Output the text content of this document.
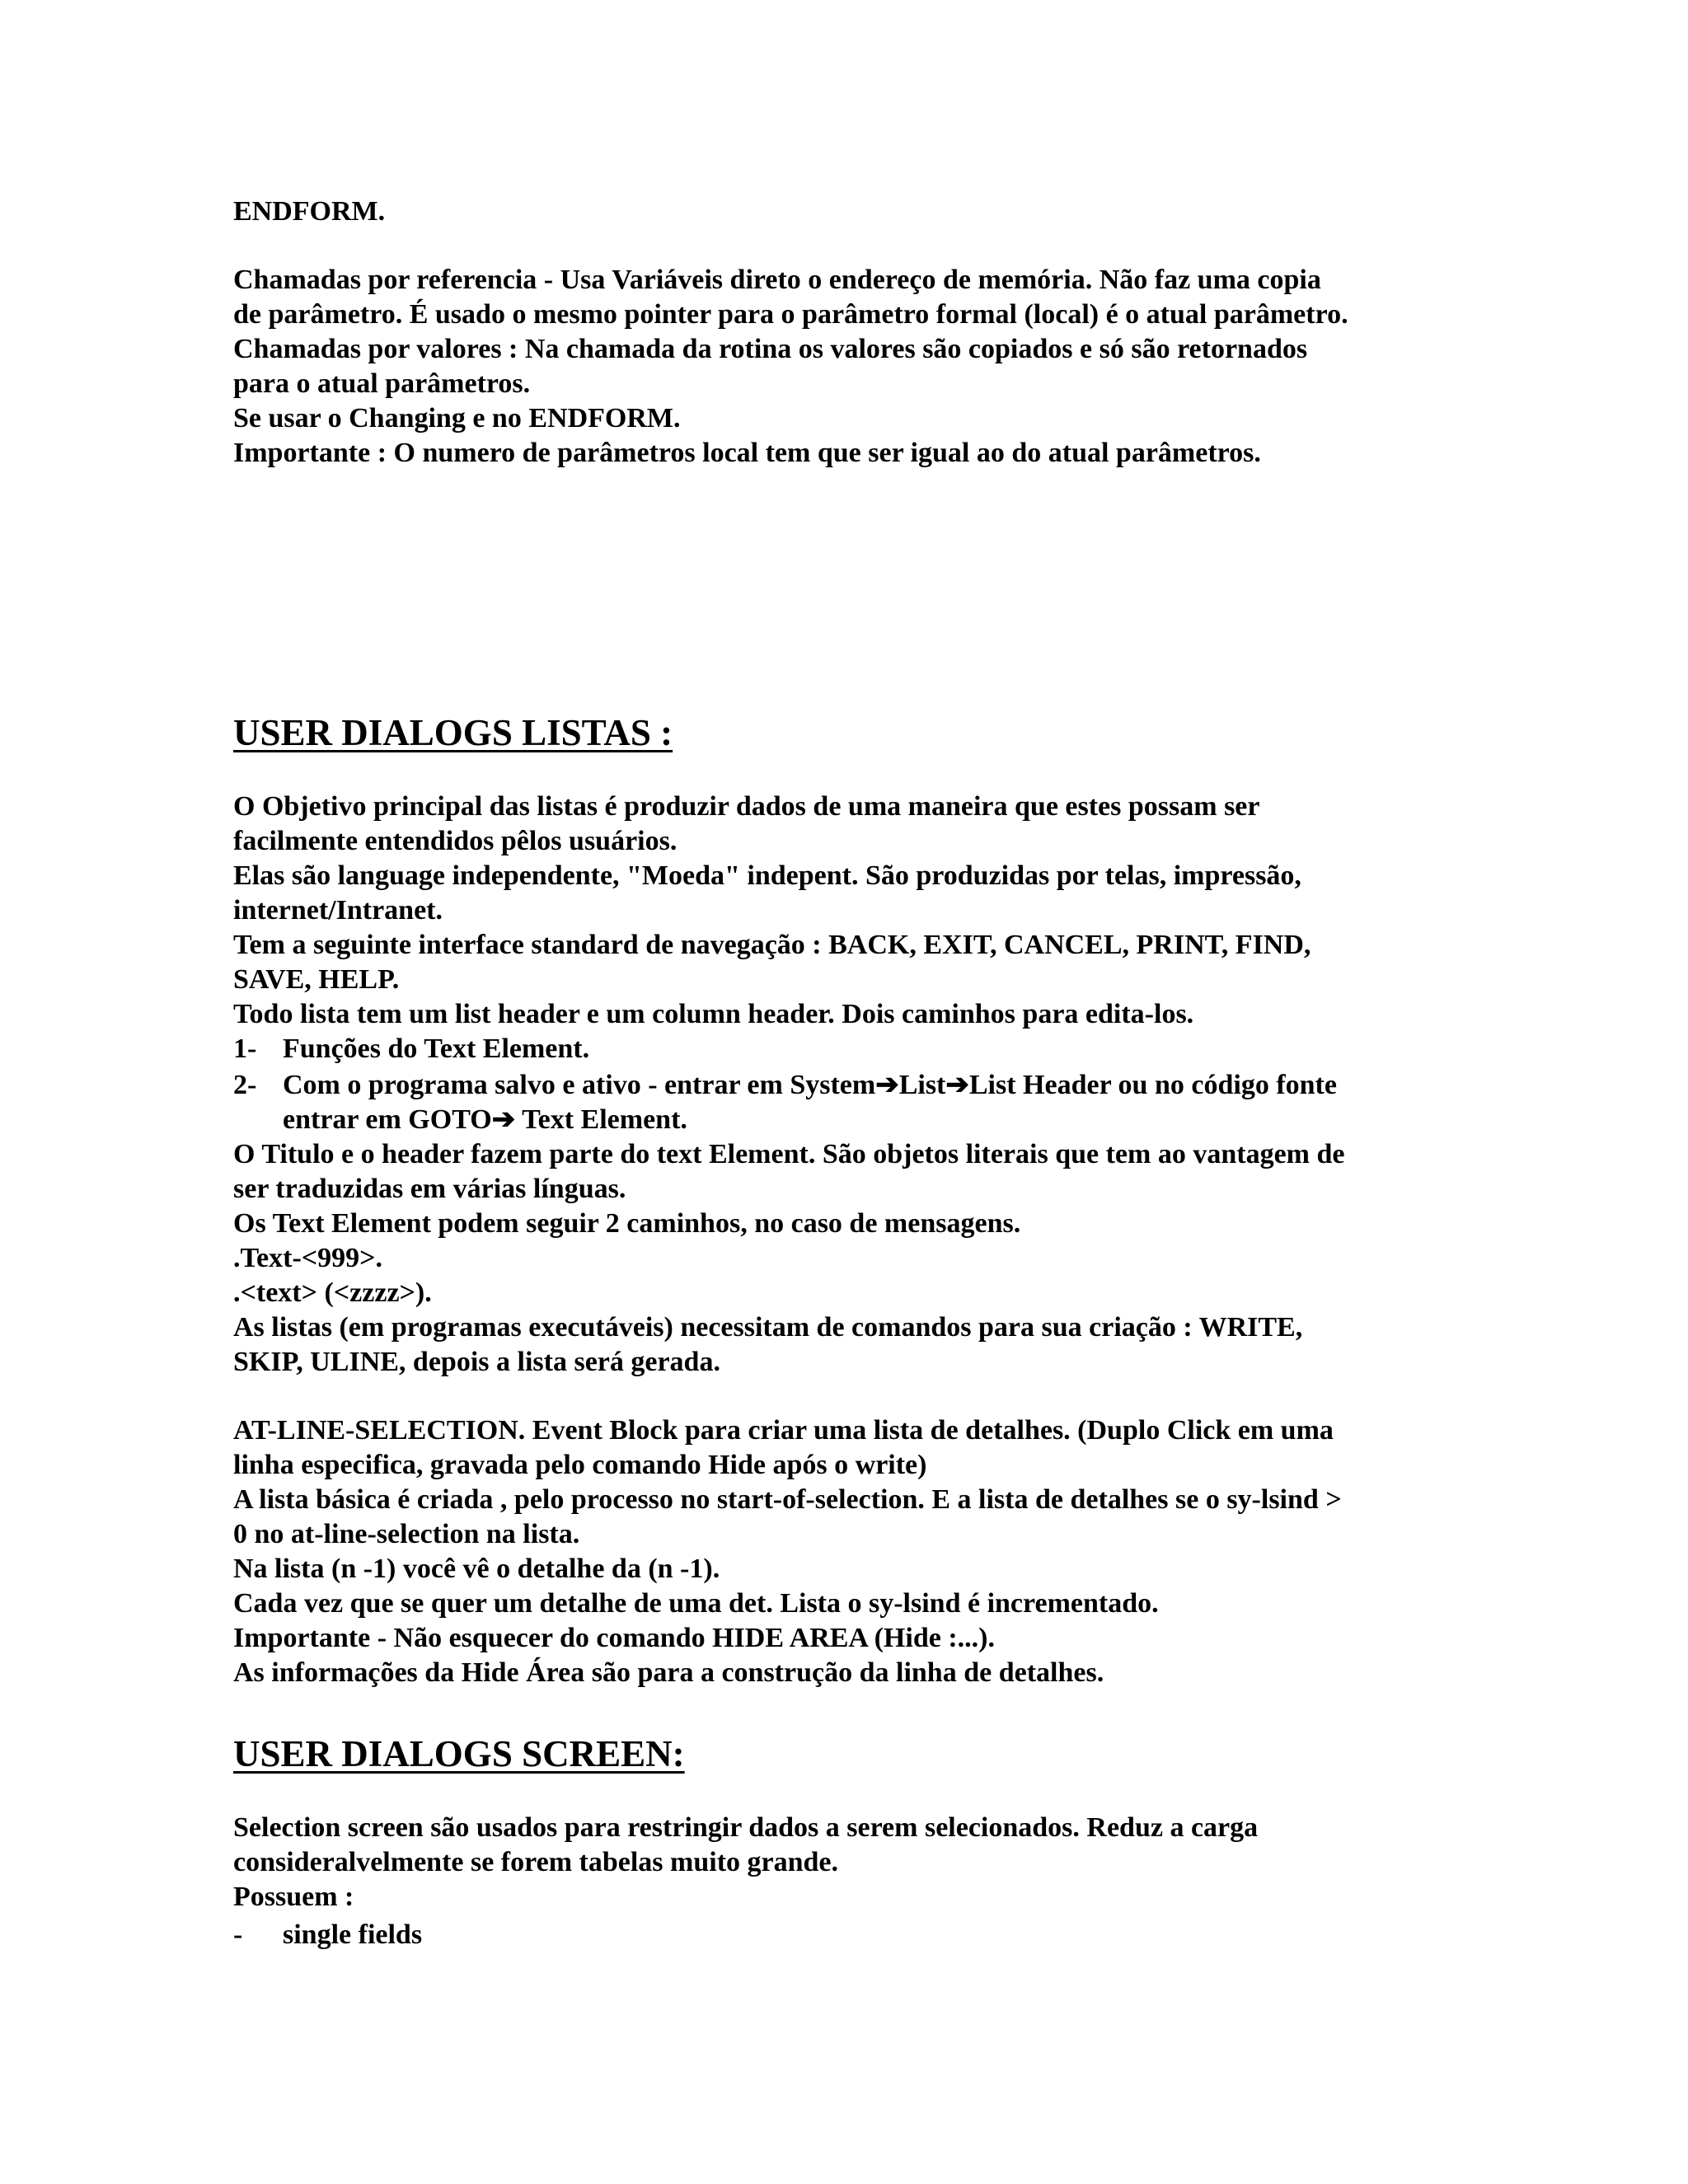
ENDFORM.
Chamadas por referencia - Usa Variáveis direto o endereço de memória. Não faz uma copia
de parâmetro. É usado o mesmo pointer para o parâmetro formal (local) é o atual parâmetro.
Chamadas por valores : Na chamada da rotina os valores são copiados e só são retornados
para o atual parâmetros.
Se usar o Changing e no ENDFORM.
Importante : O numero de parâmetros local tem que ser igual ao do atual parâmetros.
USER DIALOGS LISTAS :
O Objetivo principal das listas é produzir dados de uma maneira que estes possam ser
facilmente entendidos pêlos usuários.
Elas são language independente, "Moeda" indepent. São produzidas por telas, impressão,
internet/Intranet.
Tem a seguinte interface standard de navegação : BACK, EXIT, CANCEL, PRINT, FIND,
SAVE, HELP.
Todo lista tem um list header e um column header. Dois caminhos para edita-los.
1- Funções do Text Element.
2- Com o programa salvo e ativo - entrar em System➔List➔List Header ou no código fonte
entrar em GOTO➔ Text Element.
O Titulo e o header fazem parte do text Element. São objetos literais que tem ao vantagem de
ser traduzidas em várias línguas.
Os Text Element podem seguir 2 caminhos, no caso de mensagens.
.Text-<999>.
.<text> (<zzzz>).
As listas (em programas executáveis) necessitam de comandos para sua criação : WRITE,
SKIP, ULINE, depois a lista será gerada.
AT-LINE-SELECTION. Event Block para criar uma lista de detalhes. (Duplo Click em uma
linha especifica, gravada pelo comando Hide após o write)
A lista básica é criada , pelo processo no start-of-selection. E a lista de detalhes se o sy-lsind >
0 no at-line-selection na lista.
Na lista (n -1) você vê o detalhe da (n -1).
Cada vez que se quer um detalhe de uma det. Lista o sy-lsind é incrementado.
Importante - Não esquecer do comando HIDE AREA (Hide :...).
As informações da Hide Área são para a construção da linha de detalhes.
USER DIALOGS SCREEN:
Selection screen são usados para restringir dados a serem selecionados. Reduz a carga
consideralvelmente se forem tabelas muito grande.
Possuem :
- single fields
